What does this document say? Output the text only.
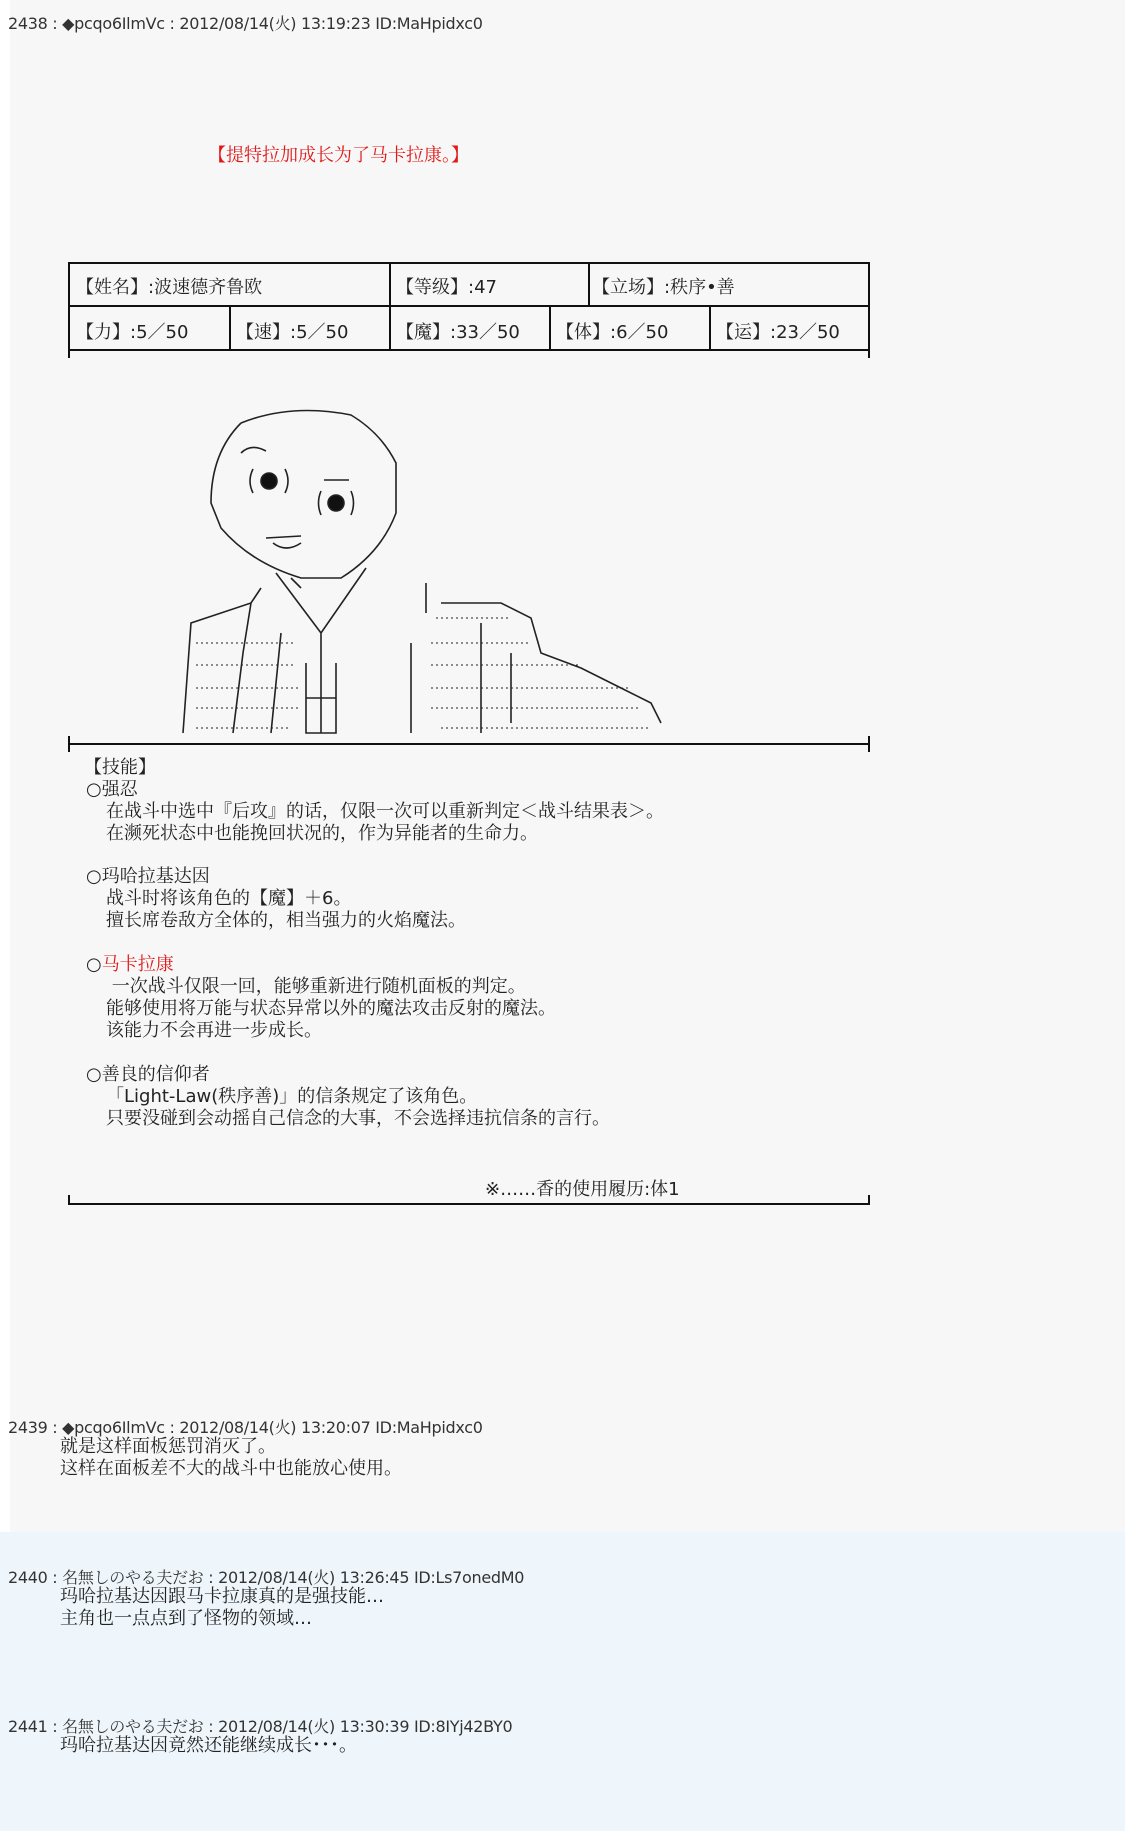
2438 : ◆pcqo6IlmVc : 2012/08/14(火) 13:19:23 ID:MaHpidxc0
【提特拉加成长为了马卡拉康。】
【姓名】:波速德齐鲁欧	【等级】:47	【立场】:秩序•善
【力】:5／50	【速】:5／50	【魔】:33／50 【体】:6／50	【运】:23／50
【技能】
○强忍
在战斗中选中『后攻』的话，仅限一次可以重新判定＜战斗结果表＞。
在濒死状态中也能挽回状况的，作为异能者的生命力。
○玛哈拉基达因
战斗时将该角色的【魔】＋6。
擅长席卷敌方全体的，相当强力的火焰魔法。
○马卡拉康
一次战斗仅限一回，能够重新进行随机面板的判定。
能够使用将万能与状态异常以外的魔法攻击反射的魔法。
该能力不会再进一步成长。
○善良的信仰者
「Light-Law(秩序善)」的信条规定了该角色。
只要没碰到会动摇自己信念的大事，不会选择违抗信条的言行。
※……香的使用履历:体1
2439 : ◆pcqo6IlmVc : 2012/08/14(火) 13:20:07 ID:MaHpidxc0
就是这样面板惩罚消灭了。
这样在面板差不大的战斗中也能放心使用。
2440 : 名無しのやる夫だお : 2012/08/14(火) 13:26:45 ID:Ls7onedM0
玛哈拉基达因跟马卡拉康真的是强技能…
主角也一点点到了怪物的领域…
2441 : 名無しのやる夫だお : 2012/08/14(火) 13:30:39 ID:8IYj42BY0
玛哈拉基达因竟然还能继续成长･･･。
